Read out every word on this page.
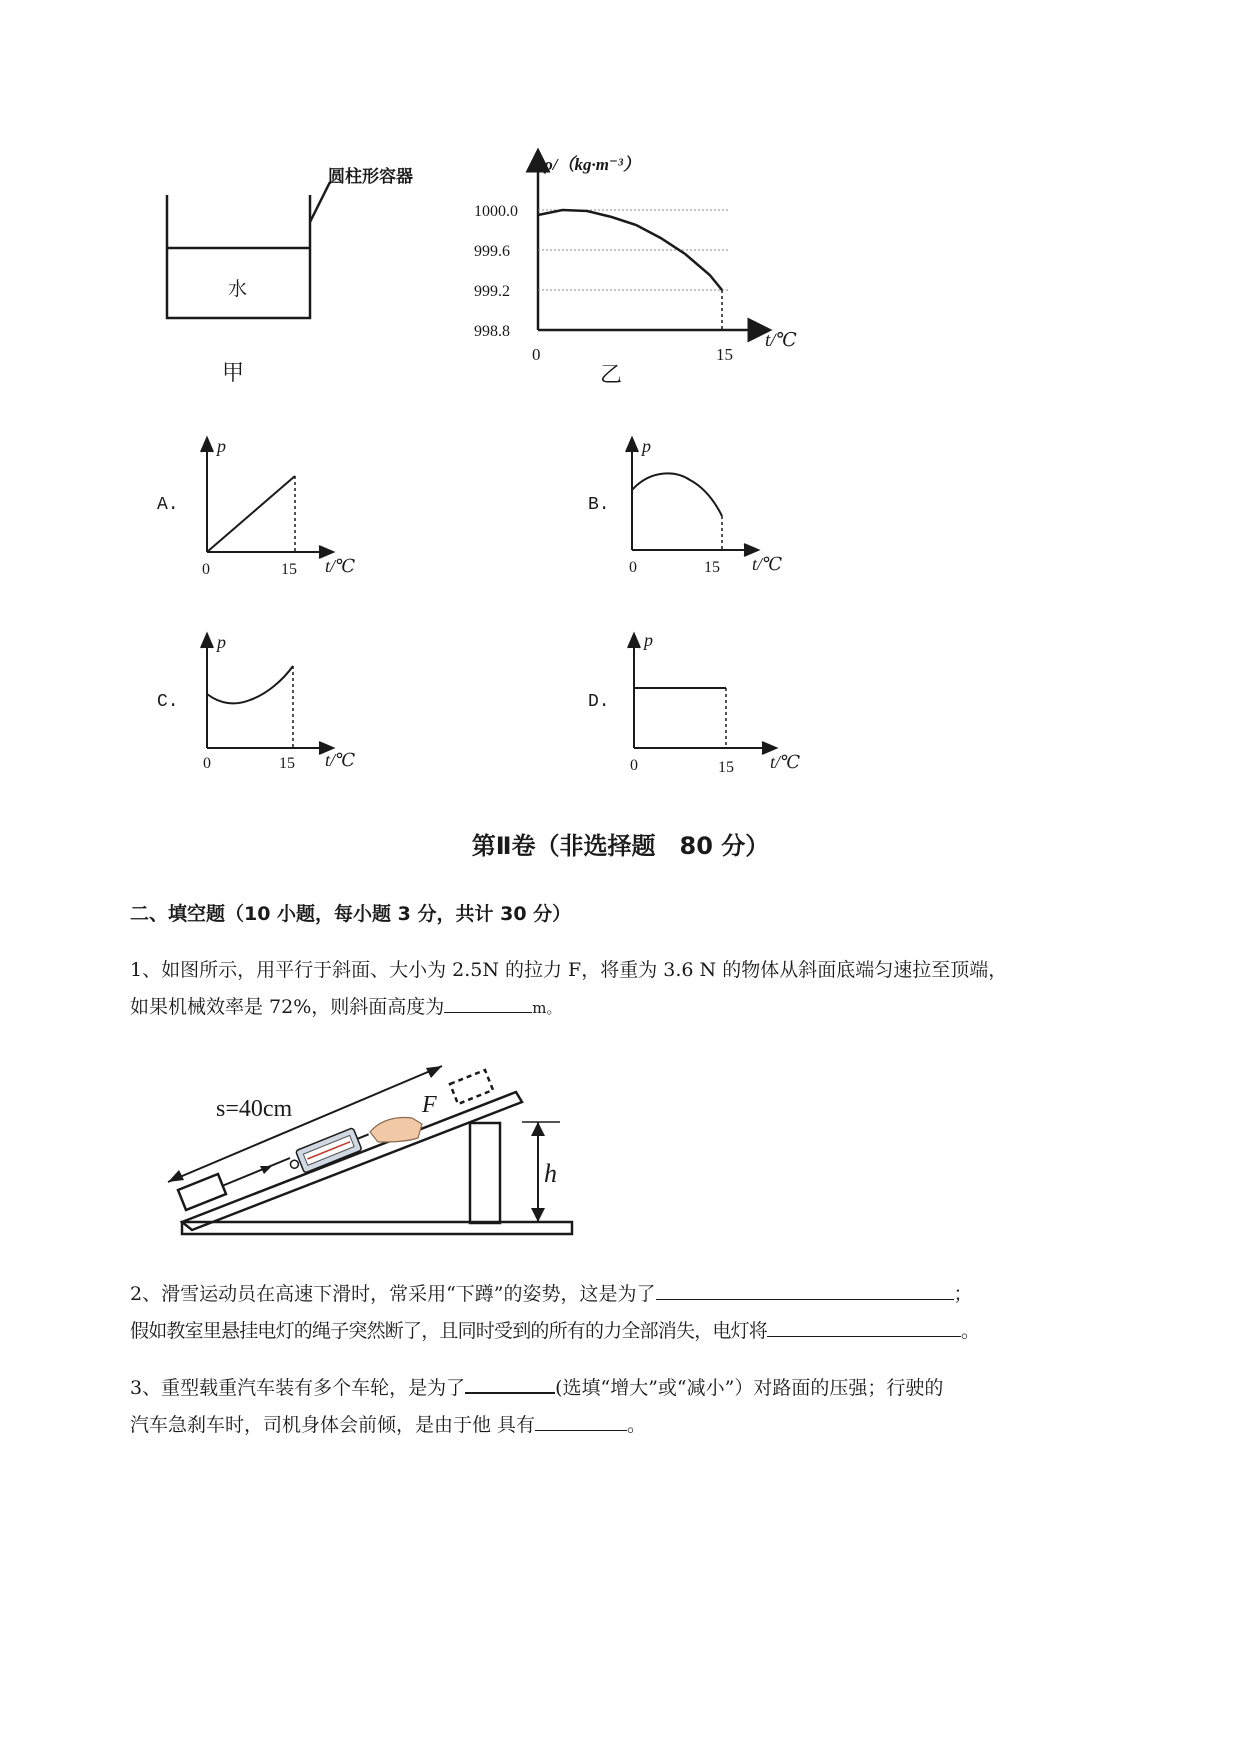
圆柱形容器
水
甲
1000.0
999.6
999.2
998.8
0	15
ρ/（kg·m⁻³）
t/℃
乙
A.
p
0	15 t/℃
B.
p
0	15 t/℃
C.
p
0	15 t/℃
D.
p
0	15 t/℃
第Ⅱ卷（非选择题　80 分）
二、填空题（10 小题，每小题 3 分，共计 30 分）
1、如图所示，用平行于斜面、大小为 2.5N 的拉力 F，将重为 3.6 N 的物体从斜面底端匀速拉至顶端，
如果机械效率是 72%，则斜面高度为	m。
s=40cm	F
h
2、滑雪运动员在高速下滑时，常采用“下蹲”的姿势，这是为了	；
假如教室里悬挂电灯的绳子突然断了，且同时受到的所有的力全部消失，电灯将	。
3、重型载重汽车装有多个车轮，是为了	(选填“增大”或“减小”）对路面的压强；行驶的
汽车急刹车时，司机身体会前倾，是由于他 具有	。
